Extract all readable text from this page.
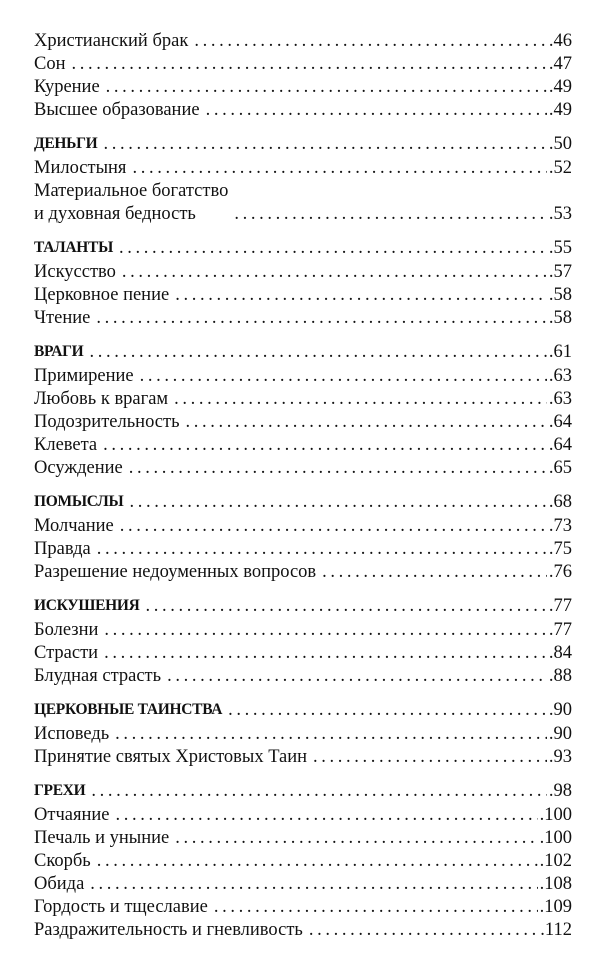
Христианский брак . . .	.46
Сон . . .	.47
Курение . . .	.49
Высшее образование . . .	.49
ДЕНЬГИ . . .	.50
Милостыня . . .	.52
Материальное богатство
и духовная бедность . . .	.53
ТАЛАНТЫ . . .	.55
Искусство . . .	.57
Церковное пение . . .	.58
Чтение . . .	.58
ВРАГИ . . .	.61
Примирение . . .	.63
Любовь к врагам . . .	.63
Подозрительность . . .	.64
Клевета . . .	.64
Осуждение . . .	.65
ПОМЫСЛЫ . . .	.68
Молчание . . .	.73
Правда . . .	.75
Разрешение недоуменных вопросов . . .	.76
ИСКУШЕНИЯ . . .	.77
Болезни . . .	.77
Страсти . . .	.84
Блудная страсть . . .	.88
ЦЕРКОВНЫЕ ТАИНСТВА . . .	.90
Исповедь . . .	.90
Принятие святых Христовых Таин . . .	.93
ГРЕХИ . . .	.98
Отчаяние . . .	.100
Печаль и уныние . . .	.100
Скорбь . . .	.102
Обида . . .	.108
Гордость и тщеславие . . .	.109
Раздражительность и гневливость . . .	.112
